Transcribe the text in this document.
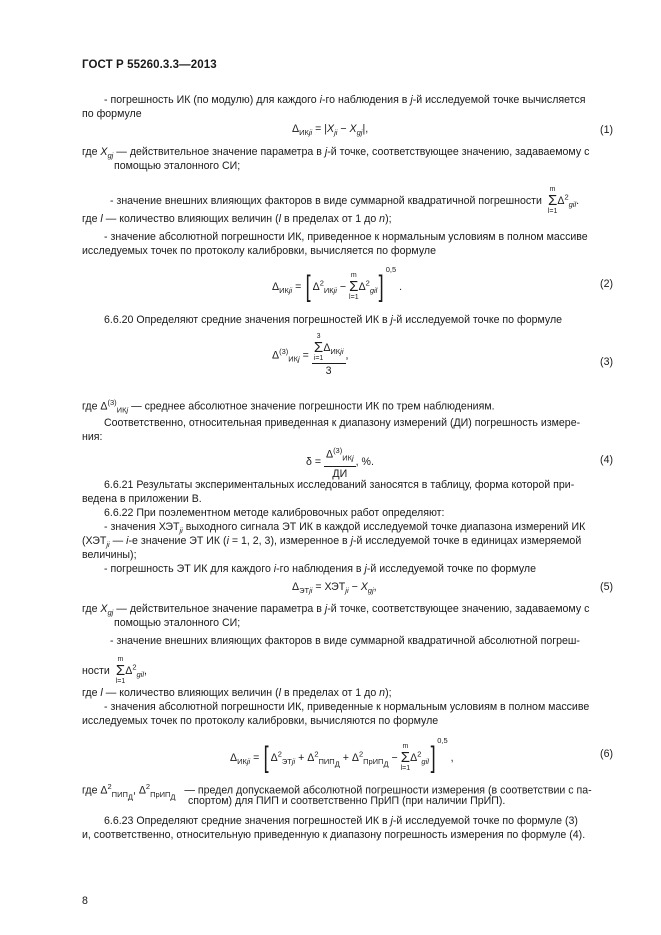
ГОСТ Р 55260.3.3—2013
- погрешность ИК (по модулю) для каждого i-го наблюдения в j-й исследуемой точке вычисляется
по формуле
$\Delta_{ИКji} = |X_{ji} - X_{gj}|$,	(1)
где $X_{gj}$ — действительное значение параметра в j-й точке, соответствующее значению, задаваемому с
помощью эталонного СИ;
- значение внешних влияющих факторов в виде суммарной квадратичной погрешности  m
Σ
$l=1\Delta^2_{gil}$.
где l — количество влияющих величин (l в пределах от 1 до n);
- значение абсолютной погрешности ИК, приведенное к нормальным условиям в полном массиве
исследуемых точек по протоколу калибровки, вычисляется по формуле
$\Delta_{ИКji}$ = [ $\Delta^2_{ИКji} - m$
Σ
$l=1\Delta^2_{gil}]^{0,5}$ .	(2)
6.6.20 Определяют средние значения погрешностей ИК в j-й исследуемой точке по формуле
$\Delta^{(3)}_{ИКj} = 3$
Σ
$i=1\Delta_{ИКji}$
3 ,
(3)
где $\Delta^{(3)}_{ИКj}$ — среднее абсолютное значение погрешности ИК по трем наблюдениям.
Соответственно, относительная приведенная к диапазону измерений (ДИ) погрешность измере-
ния:
$\delta = \frac{\Delta^{(3)}_{ИКj}}{ДИ}$ , %.	(4)
6.6.21 Результаты экспериментальных исследований заносятся в таблицу, форма которой при-
ведена в приложении В.
6.6.22 При поэлементном методе калибровочных работ определяют:
- значения $ХЭТ_{ji}$ выходного сигнала ЭТ ИК в каждой исследуемой точке диапазона измерений ИК
($ХЭТ_{ji}$ — i-е значение ЭТ ИК (i = 1, 2, 3), измеренное в j-й исследуемой точке в единицах измеряемой
величины);
- погрешность ЭТ ИК для каждого i-го наблюдения в j-й исследуемой точке по формуле
$\Delta_{ЭТji} = ХЭТ_{ji} - X_{gj}$,	(5)
где $X_{gj}$ — действительное значение параметра в j-й точке, соответствующее значению, задаваемому с
помощью эталонного СИ;
- значение внешних влияющих факторов в виде суммарной квадратичной абсолютной погреш-
ности  m
Σ
$l=1\Delta^2_{gil}$,
где l — количество влияющих величин (l в пределах от 1 до n);
- значения абсолютной погрешности ИК, приведенные к нормальным условиям в полном массиве
исследуемых точек по протоколу калибровки, вычисляются по формуле
$\Delta_{ИКji}$ = [ $\Delta^2_{ЭТji} + \Delta^2_{ПИП_Д} + \Delta^2_{ПрИП_Д} - m$
Σ
$l=1\Delta^2_{gil}]^{0,5}$ ,	(6)
где $\Delta^2_{ПИП_Д}$, $\Delta^2_{ПрИП_Д}$   — предел допускаемой абсолютной погрешности измерения (в соответствии с па-
спортом) для ПИП и соответственно ПрИП (при наличии ПрИП).
6.6.23 Определяют средние значения погрешностей ИК в j-й исследуемой точке по формуле (3)
и, соответственно, относительную приведенную к диапазону погрешность измерения по формуле (4).
8
